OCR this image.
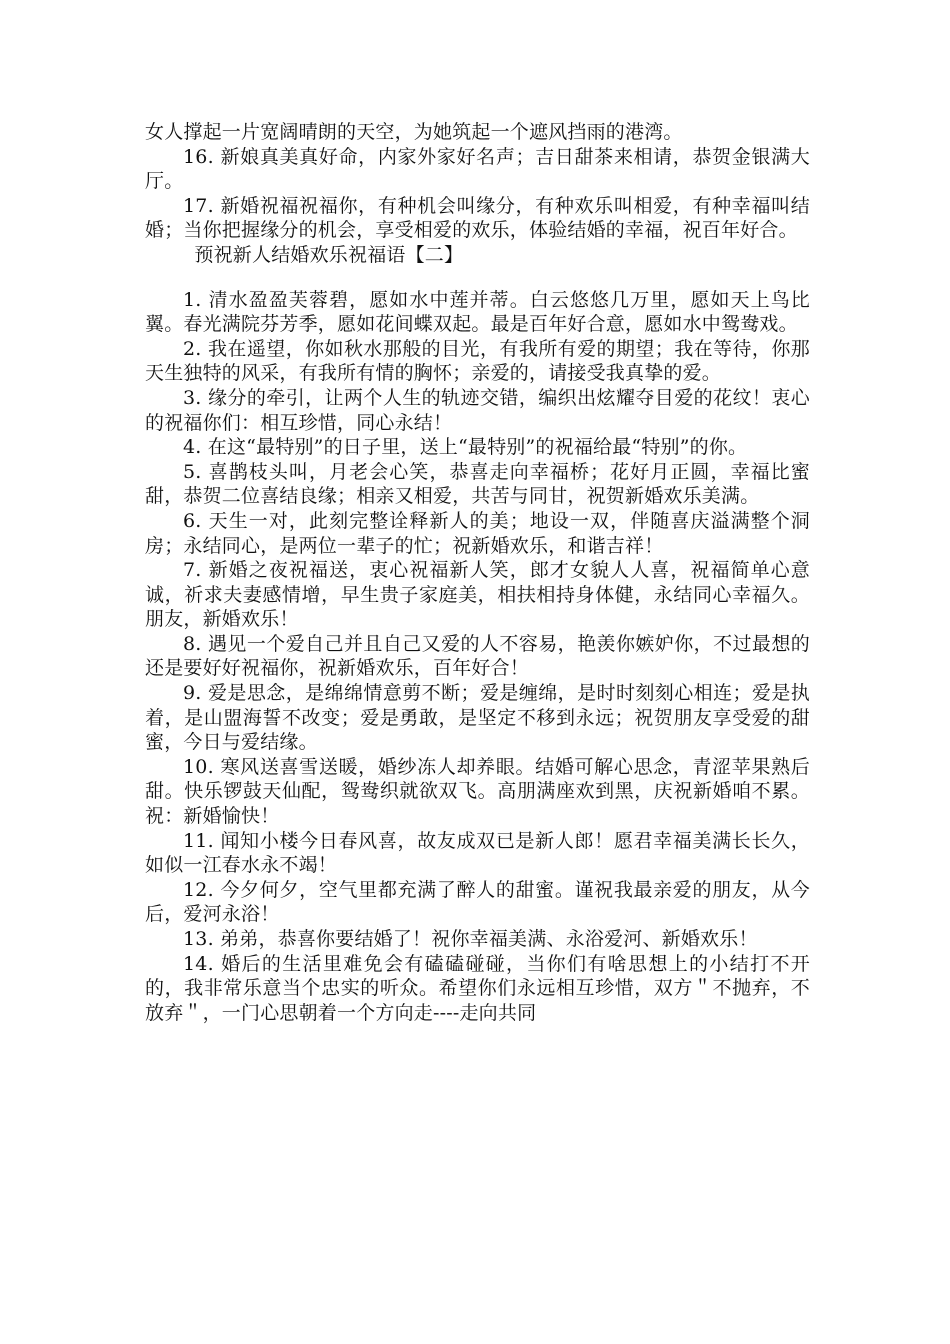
女人撑起一片宽阔晴朗的天空，为她筑起一个遮风挡雨的港湾。

16. 新娘真美真好命，内家外家好名声；吉日甜茶来相请，恭贺金银满大厅。

17. 新婚祝福祝福你，有种机会叫缘分，有种欢乐叫相爱，有种幸福叫结婚；当你把握缘分的机会，享受相爱的欢乐，体验结婚的幸福，祝百年好合。

预祝新人结婚欢乐祝福语【二】

1. 清水盈盈芙蓉碧，愿如水中莲并蒂。白云悠悠几万里，愿如天上鸟比翼。春光满院芬芳季，愿如花间蝶双起。最是百年好合意，愿如水中鸳鸯戏。

2. 我在遥望，你如秋水那般的目光，有我所有爱的期望；我在等待，你那天生独特的风采，有我所有情的胸怀；亲爱的，请接受我真挚的爱。

3. 缘分的牵引，让两个人生的轨迹交错，编织出炫耀夺目爱的花纹！衷心的祝福你们：相互珍惜，同心永结！

4. 在这“最特别”的日子里，送上“最特别”的祝福给最“特别”的你。

5. 喜鹊枝头叫，月老会心笑，恭喜走向幸福桥；花好月正圆，幸福比蜜甜，恭贺二位喜结良缘；相亲又相爱，共苦与同甘，祝贺新婚欢乐美满。

6. 天生一对，此刻完整诠释新人的美；地设一双，伴随喜庆溢满整个洞房；永结同心，是两位一辈子的忙；祝新婚欢乐，和谐吉祥！

7. 新婚之夜祝福送，衷心祝福新人笑，郎才女貌人人喜，祝福简单心意诚，祈求夫妻感情增，早生贵子家庭美，相扶相持身体健，永结同心幸福久。朋友，新婚欢乐！

8. 遇见一个爱自己并且自己又爱的人不容易，艳羡你嫉妒你，不过最想的还是要好好祝福你，祝新婚欢乐，百年好合！

9. 爱是思念，是绵绵情意剪不断；爱是缠绵，是时时刻刻心相连；爱是执着，是山盟海誓不改变；爱是勇敢，是坚定不移到永远；祝贺朋友享受爱的甜蜜，今日与爱结缘。

10. 寒风送喜雪送暖，婚纱冻人却养眼。结婚可解心思念，青涩苹果熟后甜。快乐锣鼓天仙配，鸳鸯织就欲双飞。高朋满座欢到黑，庆祝新婚咱不累。祝：新婚愉快！

11. 闻知小楼今日春风喜，故友成双已是新人郎！愿君幸福美满长长久，如似一江春水永不竭！

12. 今夕何夕，空气里都充满了醉人的甜蜜。谨祝我最亲爱的朋友，从今后，爱河永浴！

13. 弟弟，恭喜你要结婚了！祝你幸福美满、永浴爱河、新婚欢乐！

14. 婚后的生活里难免会有磕磕碰碰，当你们有啥思想上的小结打不开的，我非常乐意当个忠实的听众。希望你们永远相互珍惜，双方＂不抛弃，不放弃＂，一门心思朝着一个方向走----走向共同
